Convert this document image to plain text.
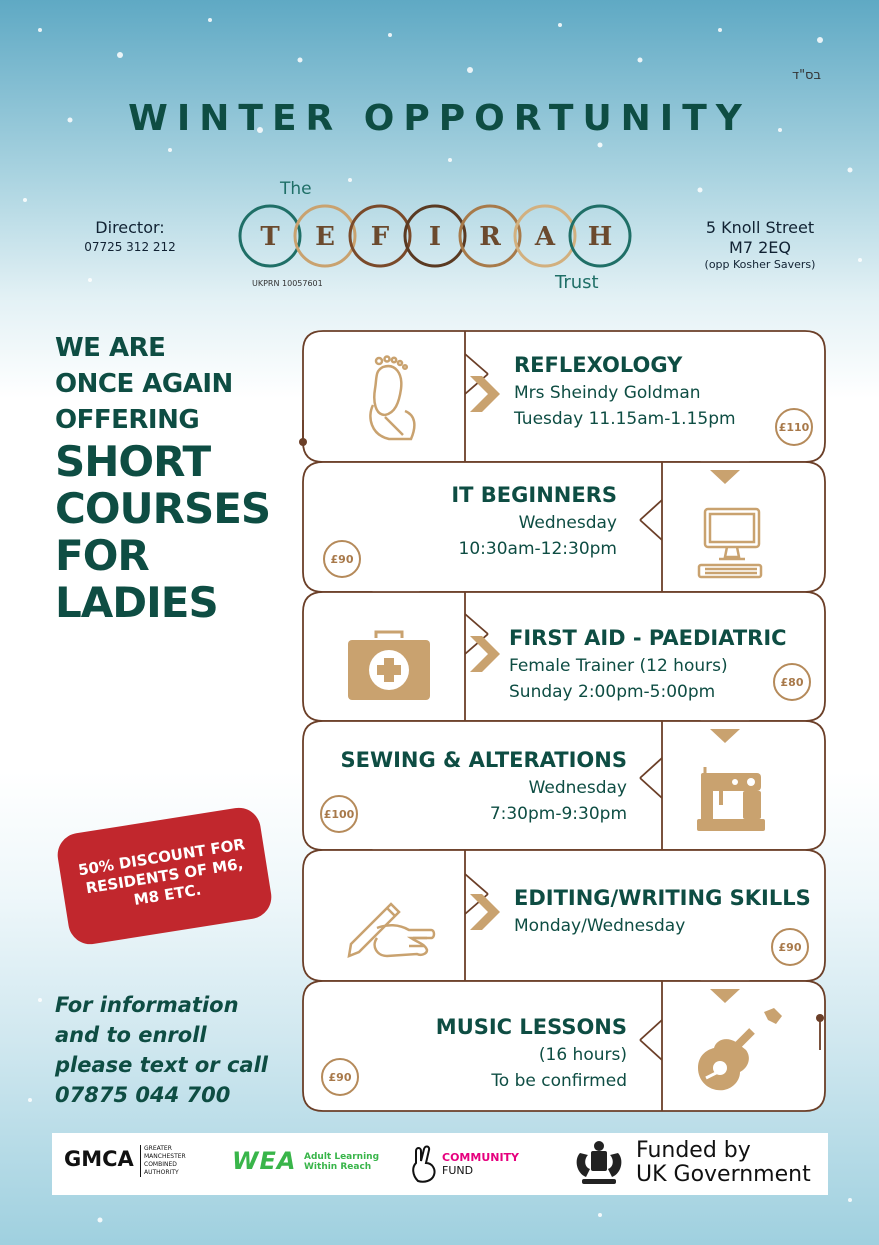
בס"ד
WINTER OPPORTUNITY
Director:
07725 312 212
The
T E F I R A H
Trust
UKPRN 10057601
5 Knoll Street
M7 2EQ
(opp Kosher Savers)
WE ARE
ONCE AGAIN
OFFERING
SHORT
COURSES
FOR
LADIES
50% DISCOUNT FOR RESIDENTS OF M6, M8 ETC.
For information
and to enroll
please text or call
07875 044 700
REFLEXOLOGY
Mrs Sheindy Goldman
Tuesday 11.15am-1.15pm	£110
IT BEGINNERS
Wednesday
10:30am-12:30pm
£90
FIRST AID - PAEDIATRIC
Female Trainer (12 hours)
Sunday 2:00pm-5:00pm	£80
SEWING & ALTERATIONS
Wednesday
7:30pm-9:30pm
£100
EDITING/WRITING SKILLS
Monday/Wednesday
£90
MUSIC LESSONS
(16 hours)
To be confirmed
£90
GMCA GREATER
MANCHESTER
COMBINED
AUTHORITY WEA Adult Learning
Within Reach
COMMUNITY
FUND
Funded by
UK Government
